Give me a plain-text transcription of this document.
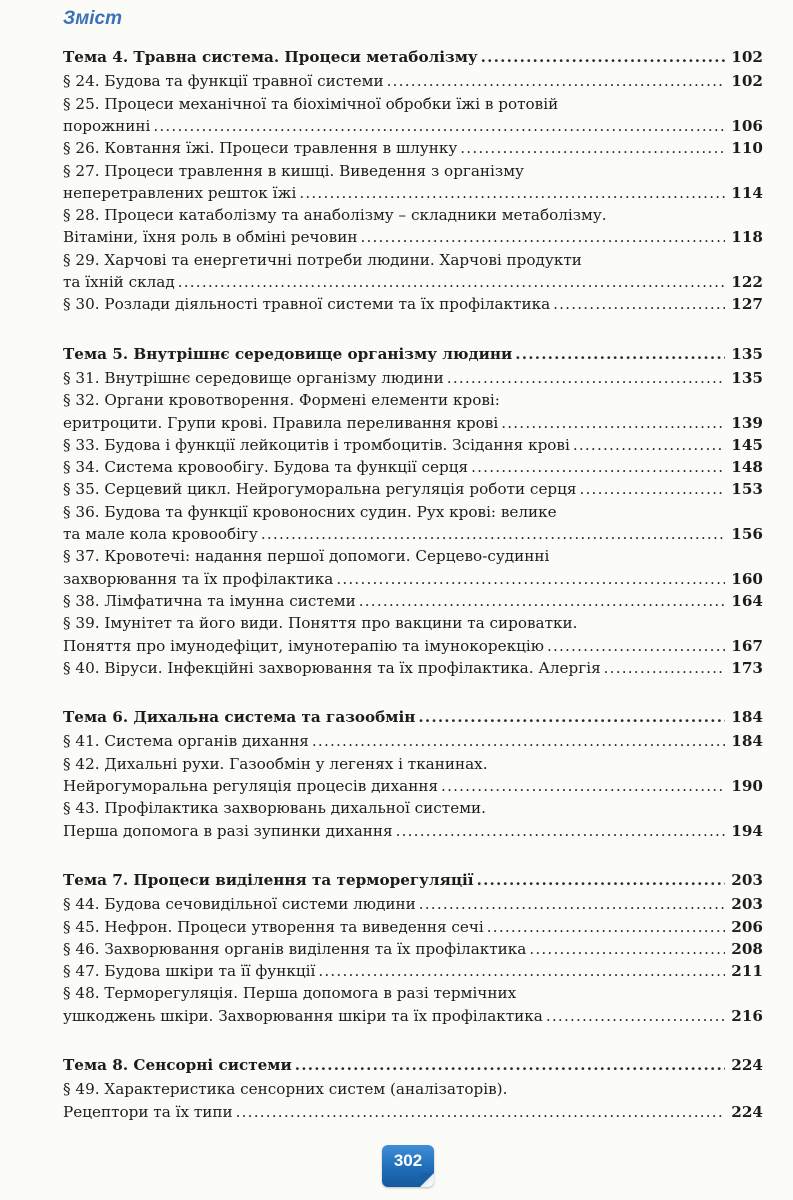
Зміст
Тема 4. Травна система. Процеси метаболізму .....	102
§ 24. Будова та функції травної системи .....	102
§ 25. Процеси механічної та біохімічної обробки їжі в ротовій
порожнині .....	106
§ 26. Ковтання їжі. Процеси травлення в шлунку .....	110
§ 27. Процеси травлення в кишці. Виведення з організму
неперетравлених решток їжі .....	114
§ 28. Процеси катаболізму та анаболізму – складники метаболізму.
Вітаміни, їхня роль в обміні речовин .....	118
§ 29. Харчові та енергетичні потреби людини. Харчові продукти
та їхній склад .....	122
§ 30. Розлади діяльності травної системи та їх профілактика .....	127
Тема 5. Внутрішнє середовище організму людини .....	135
§ 31. Внутрішнє середовище організму людини .....	135
§ 32. Органи кровотворення. Формені елементи крові:
еритроцити. Групи крові. Правила переливання крові .....	139
§ 33. Будова і функції лейкоцитів і тромбоцитів. Зсідання крові .....	145
§ 34. Система кровообігу. Будова та функції серця .....	148
§ 35. Серцевий цикл. Нейрогуморальна регуляція роботи серця .....	153
§ 36. Будова та функції кровоносних судин. Рух крові: велике
та мале кола кровообігу .....	156
§ 37. Кровотечі: надання першої допомоги. Серцево-судинні
захворювання та їх профілактика .....	160
§ 38. Лімфатична та імунна системи .....	164
§ 39. Імунітет та його види. Поняття про вакцини та сироватки.
Поняття про імунодефіцит, імунотерапію та імунокорекцію .....	167
§ 40. Віруси. Інфекційні захворювання та їх профілактика. Алергія .....	173
Тема 6. Дихальна система та газообмін .....	184
§ 41. Система органів дихання .....	184
§ 42. Дихальні рухи. Газообмін у легенях і тканинах.
Нейрогуморальна регуляція процесів дихання .....	190
§ 43. Профілактика захворювань дихальної системи.
Перша допомога в разі зупинки дихання .....	194
Тема 7. Процеси виділення та терморегуляції .....	203
§ 44. Будова сечовидільної системи людини .....	203
§ 45. Нефрон. Процеси утворення та виведення сечі .....	206
§ 46. Захворювання органів виділення та їх профілактика .....	208
§ 47. Будова шкіри та її функції .....	211
§ 48. Терморегуляція. Перша допомога в разі термічних
ушкоджень шкіри. Захворювання шкіри та їх профілактика .....	216
Тема 8. Сенсорні системи .....	224
§ 49. Характеристика сенсорних систем (аналізаторів).
Рецептори та їх типи .....	224
302
